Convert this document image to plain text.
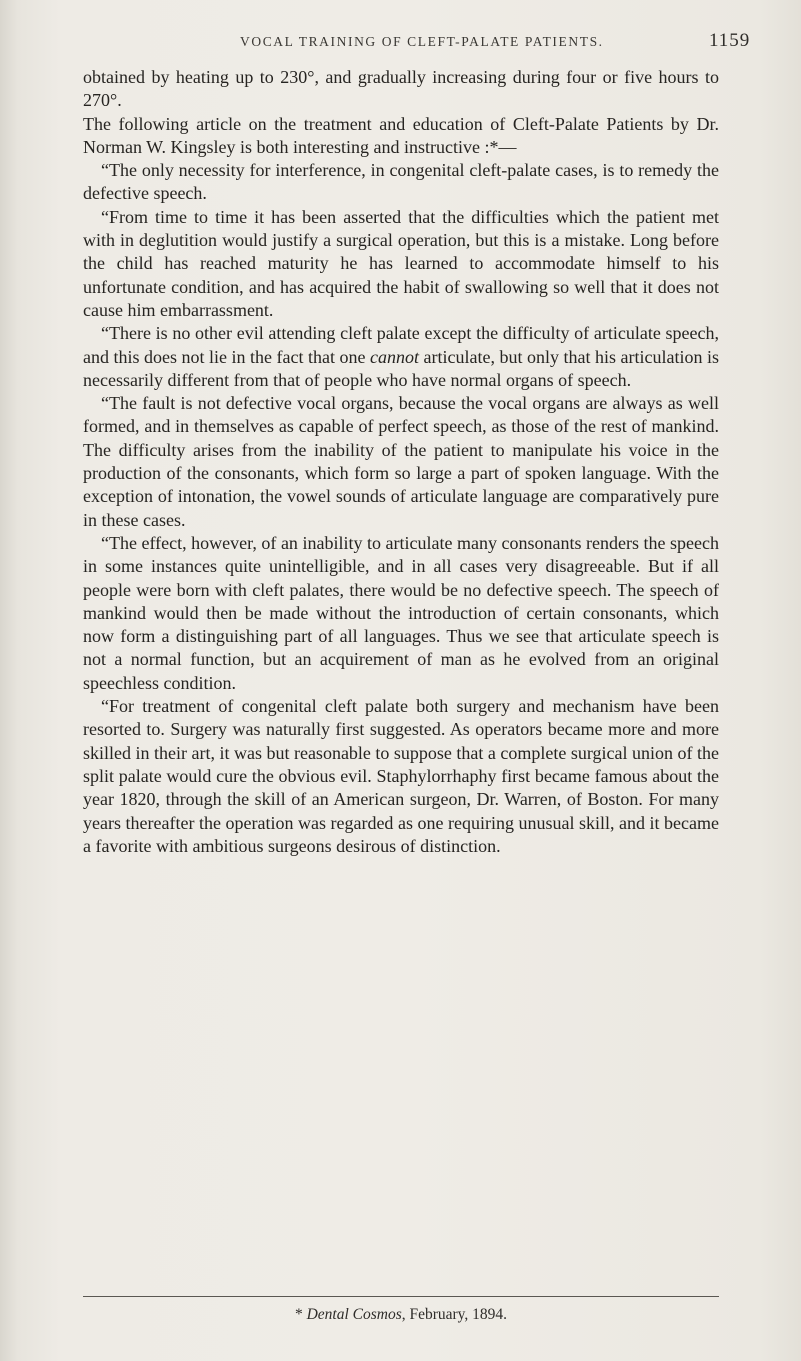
VOCAL TRAINING OF CLEFT-PALATE PATIENTS.	1159

obtained by heating up to 230°, and gradually increasing during four or five hours to 270°.

The following article on the treatment and education of Cleft-Palate Patients by Dr. Norman W. Kingsley is both interesting and instructive :*—

“The only necessity for interference, in congenital cleft-palate cases, is to remedy the defective speech.

“From time to time it has been asserted that the difficulties which the patient met with in deglutition would justify a surgical operation, but this is a mistake. Long before the child has reached maturity he has learned to accommodate himself to his unfortunate condition, and has acquired the habit of swallowing so well that it does not cause him embarrassment.

“There is no other evil attending cleft palate except the difficulty of articulate speech, and this does not lie in the fact that one cannot articulate, but only that his articulation is necessarily different from that of people who have normal organs of speech.

“The fault is not defective vocal organs, because the vocal organs are always as well formed, and in themselves as capable of perfect speech, as those of the rest of mankind. The difficulty arises from the inability of the patient to manipulate his voice in the production of the consonants, which form so large a part of spoken language. With the exception of intonation, the vowel sounds of articulate language are comparatively pure in these cases.

“The effect, however, of an inability to articulate many consonants renders the speech in some instances quite unintelligible, and in all cases very disagreeable. But if all people were born with cleft palates, there would be no defective speech. The speech of mankind would then be made without the introduction of certain consonants, which now form a distinguishing part of all languages. Thus we see that articulate speech is not a normal function, but an acquirement of man as he evolved from an original speechless condition.

“For treatment of congenital cleft palate both surgery and mechanism have been resorted to. Surgery was naturally first suggested. As operators became more and more skilled in their art, it was but reasonable to suppose that a complete surgical union of the split palate would cure the obvious evil. Staphylorrhaphy first became famous about the year 1820, through the skill of an American surgeon, Dr. Warren, of Boston. For many years thereafter the operation was regarded as one requiring unusual skill, and it became a favorite with ambitious surgeons desirous of distinction.

* Dental Cosmos, February, 1894.
